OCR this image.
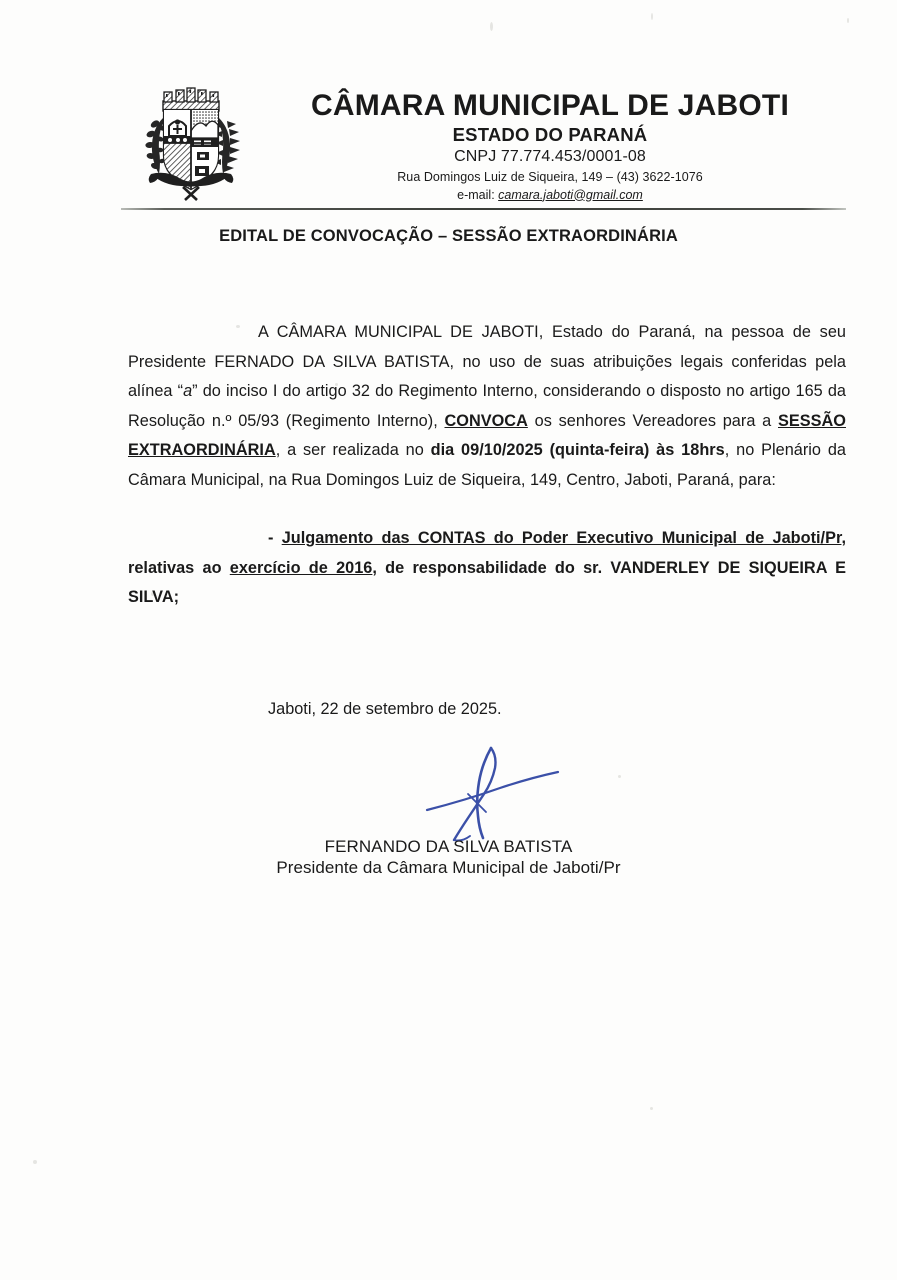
CÂMARA MUNICIPAL DE JABOTI
ESTADO DO PARANÁ
CNPJ 77.774.453/0001-08
Rua Domingos Luiz de Siqueira, 149 – (43) 3622-1076
e-mail: camara.jaboti@gmail.com
EDITAL DE CONVOCAÇÃO – SESSÃO EXTRAORDINÁRIA

A CÂMARA MUNICIPAL DE JABOTI, Estado do Paraná, na pessoa de seu Presidente FERNADO DA SILVA BATISTA, no uso de suas atribuições legais conferidas pela alínea “a” do inciso I do artigo 32 do Regimento Interno, considerando o disposto no artigo 165 da Resolução n.º 05/93 (Regimento Interno), CONVOCA os senhores Vereadores para a SESSÃO EXTRAORDINÁRIA, a ser realizada no dia 09/10/2025 (quinta-feira) às 18hrs, no Plenário da Câmara Municipal, na Rua Domingos Luiz de Siqueira, 149, Centro, Jaboti, Paraná, para:

- Julgamento das CONTAS do Poder Executivo Municipal de Jaboti/Pr, relativas ao exercício de 2016, de responsabilidade do sr. VANDERLEY DE SIQUEIRA E SILVA;

Jaboti, 22 de setembro de 2025.
FERNANDO DA SILVA BATISTA
Presidente da Câmara Municipal de Jaboti/Pr
